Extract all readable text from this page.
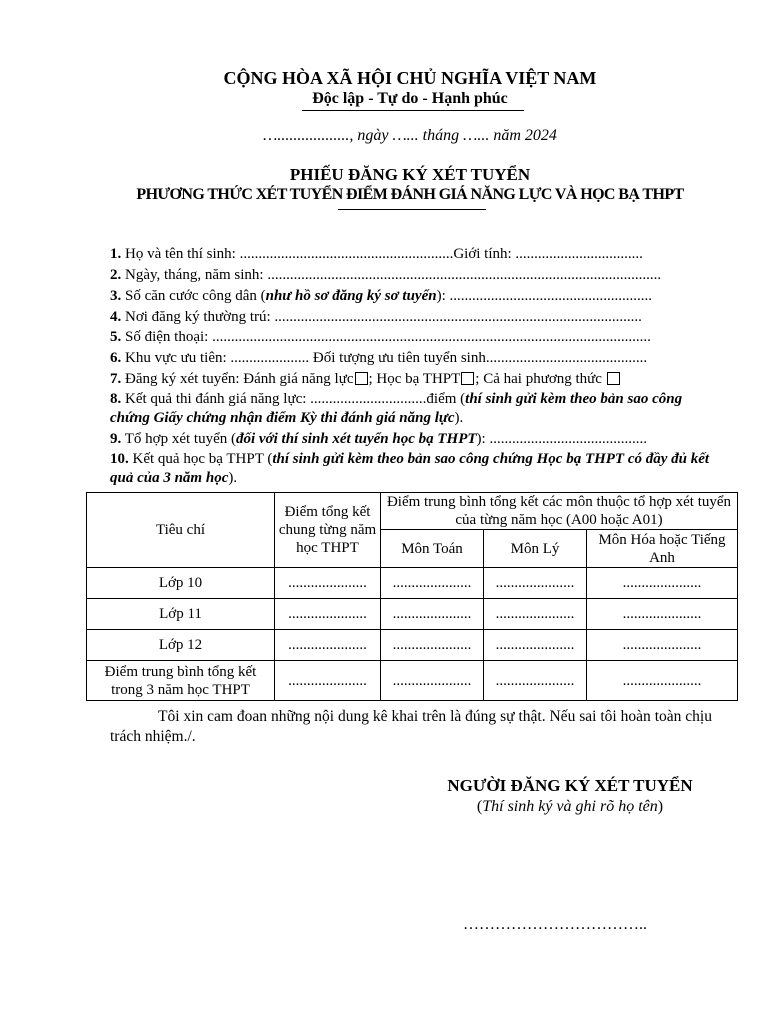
CỘNG HÒA XÃ HỘI CHỦ NGHĨA VIỆT NAM
Độc lập - Tự do - Hạnh phúc
….................., ngày …... tháng …... năm 2024
PHIẾU ĐĂNG KÝ XÉT TUYỂN
PHƯƠNG THỨC XÉT TUYỂN ĐIỂM ĐÁNH GIÁ NĂNG LỰC VÀ HỌC BẠ THPT
1. Họ và tên thí sinh: .........................................................Giới tính: ..................................
2. Ngày, tháng, năm sinh: .........................................................................................................
3. Số căn cước công dân (như hồ sơ đăng ký sơ tuyển): ......................................................
4. Nơi đăng ký thường trú: ..................................................................................................
5. Số điện thoại: .....................................................................................................................
6. Khu vực ưu tiên: ..................... Đối tượng ưu tiên tuyển sinh...........................................
7. Đăng ký xét tuyển: Đánh giá năng lực ; Học bạ THPT ; Cả hai phương thức
8. Kết quả thi đánh giá năng lực: ...............................điểm (thí sinh gửi kèm theo bản sao công chứng Giấy chứng nhận điểm Kỳ thi đánh giá năng lực).
9. Tổ hợp xét tuyển (đối với thí sinh xét tuyển học bạ THPT): ..........................................
10. Kết quả học bạ THPT (thí sinh gửi kèm theo bản sao công chứng Học bạ THPT có đầy đủ kết quả của 3 năm học).
Tiêu chí	Điểm tổng kết chung từng năm học THPT	Điểm trung bình tổng kết các môn thuộc tổ hợp xét tuyển của từng năm học (A00 hoặc A01)		
		Môn Toán	Môn Lý	Môn Hóa hoặc Tiếng Anh
Lớp 10	.....................	.....................	.....................	.....................
Lớp 11	.....................	.....................	.....................	.....................
Lớp 12	.....................	.....................	.....................	.....................
Điểm trung bình tổng kết trong 3 năm học THPT	.....................	.....................	.....................	.....................
Tôi xin cam đoan những nội dung kê khai trên là đúng sự thật. Nếu sai tôi hoàn toàn chịu trách nhiệm./.
NGƯỜI ĐĂNG KÝ XÉT TUYỂN
(Thí sinh ký và ghi rõ họ tên)
……………………………..
